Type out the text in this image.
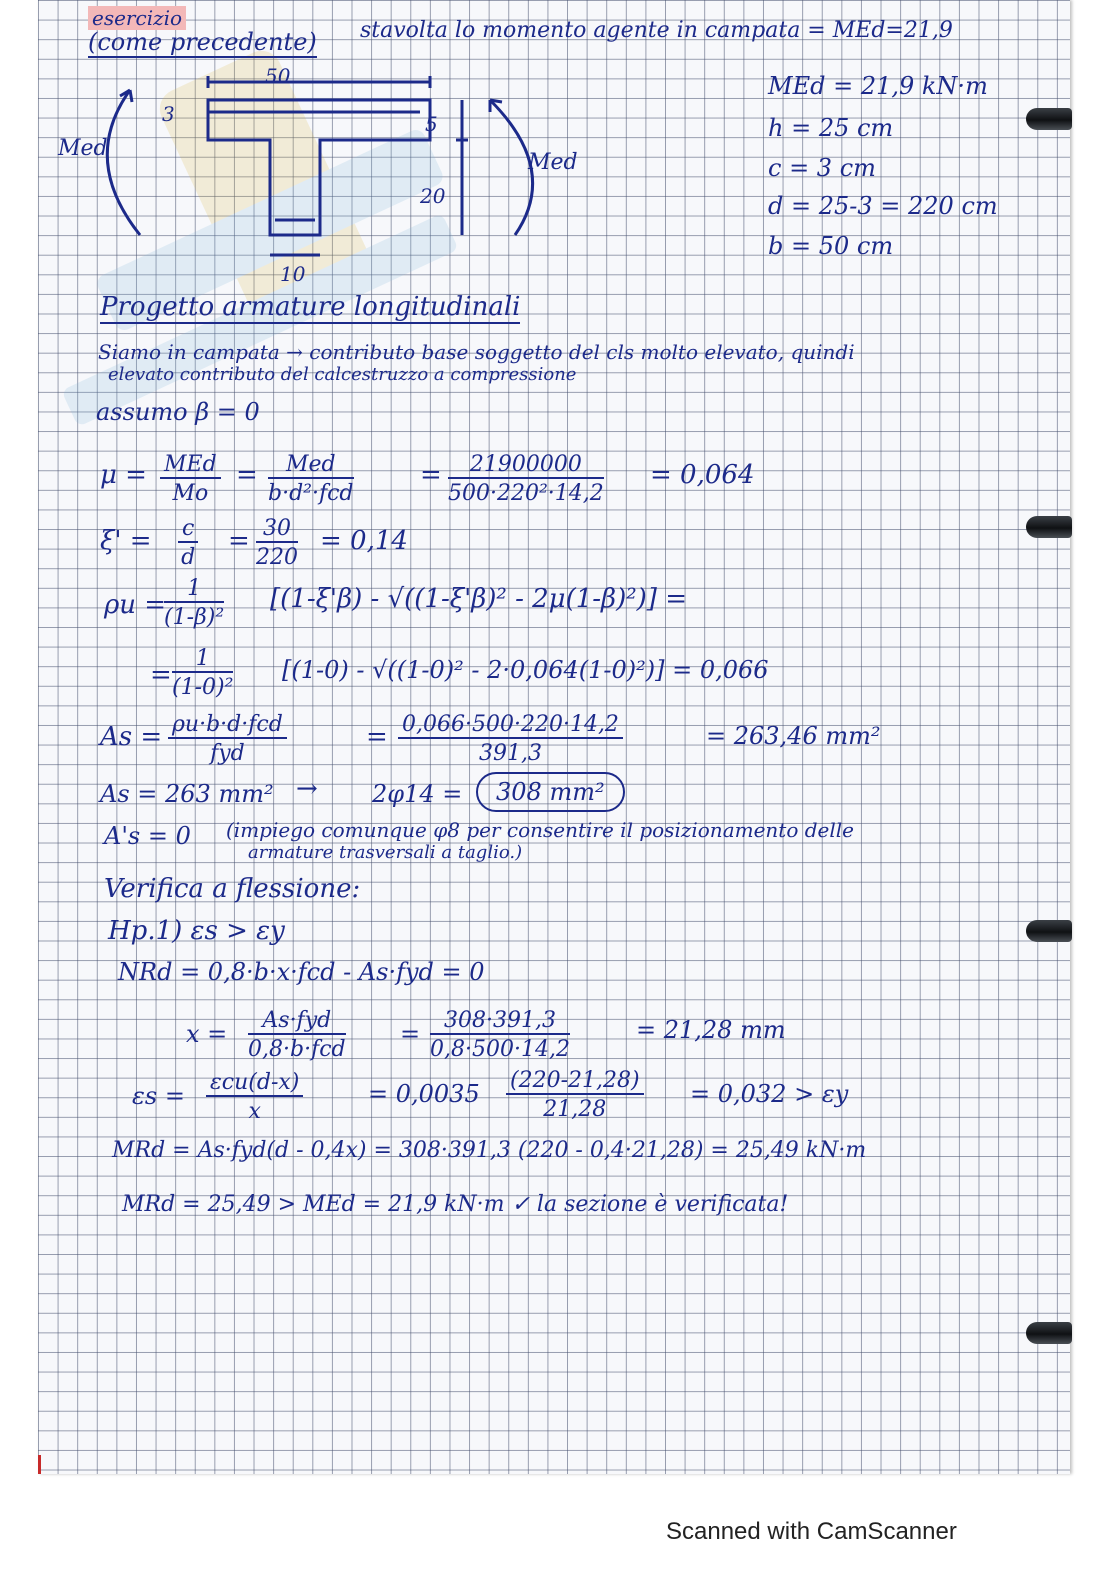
esercizio
(come precedente) stavolta lo momento agente in campata = MEd=21,9
50
3	5
20
10
Med
Med
MEd = 21,9 kN·m
h = 25 cm
c = 3 cm
d = 25-3 = 220 cm
b = 50 cm
Progetto armature longitudinali
Siamo in campata → contributo base soggetto del cls molto elevato, quindi
elevato contributo del calcestruzzo a compressione
assumo β = 0
μ = MEd
Mo
=	Med
b·d²·fcd
= $\frac{21900000}{\text{500·220²·14,2}} = 0,064$
$\xi' = \frac{c}{d} = \frac{30}{220} = 0,14$
ρu =
$\frac{1}{\text{(1-β)²}} [(1-\xi'\beta) - √((1-\xi'\beta)^2 - 2\mu(1-\beta)^2)]$ =
= $\frac{1}{\text{(1-0)²}} [(1-0) - √((1-0)^2 - 2\cdot 0,064(1-0)^2)] = 0,066$
As = ρu·b·d·fcd
fyd
= $\frac{0,066\cdot 500\cdot 220\cdot 14,2}{391,3}$	= 263,46 mm²
As = 263 mm² → 2φ14 =	308 mm²
A's = 0 (impiego comunque φ8 per consentire il posizionamento delle
armature trasversali a taglio.)
Verifica a flessione:
Hp.1) εs > εy
NRd = 0,8·b·x·fcd - As·fyd = 0
x =	As·fyd
0,8·b·fcd
= $\frac{308\cdot 391,3}{0,8\cdot 500\cdot 14,2}$	= 21,28 mm
εs = εcu(d-x)
x
= $0,0035 \frac{(220-21,28)}{21,28} = 0,032 > \varepsilon y$
MRd = As·fyd(d - 0,4x) = 308·391,3 (220 - 0,4·21,28) = 25,49 kN·m
MRd = 25,49 > MEd = 21,9 kN·m ✓ la sezione è verificata!
Scanned with CamScanner
